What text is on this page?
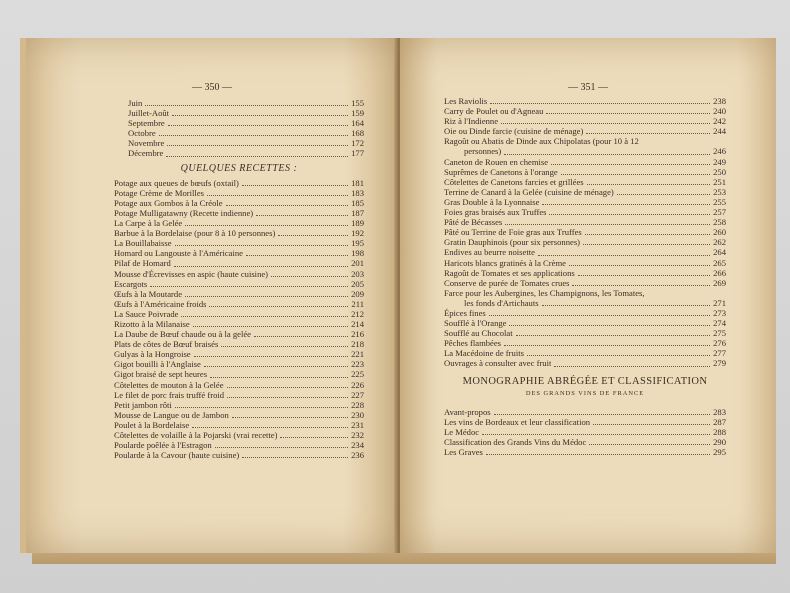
— 350 —
Juin	155
Juillet-Août	159
Septembre	164
Octobre	168
Novembre	172
Décembre	177
QUELQUES RECETTES :
Potage aux queues de bœufs (oxtail)	181
Potage Crème de Morilles	183
Potage aux Gombos à la Créole	185
Potage Mulligatawny (Recette indienne)	187
La Carpe à la Gelée	189
Barbue à la Bordelaise (pour 8 à 10 personnes)	192
La Bouillabaisse	195
Homard ou Langouste à l'Américaine	198
Pilaf de Homard	201
Mousse d'Écrevisses en aspic (haute cuisine)	203
Escargots	205
Œufs à la Moutarde	209
Œufs à l'Américaine froids	211
La Sauce Poivrade	212
Rizotto à la Milanaise	214
La Daube de Bœuf chaude ou à la gelée	216
Plats de côtes de Bœuf braisés	218
Gulyas à la Hongroise	221
Gigot bouilli à l'Anglaise	223
Gigot braisé de sept heures	225
Côtelettes de mouton à la Gelée	226
Le filet de porc frais truffé froid	227
Petit jambon rôti	228
Mousse de Langue ou de Jambon	230
Poulet à la Bordelaise	231
Côtelettes de volaille à la Pojarski (vrai recette)	232
Poularde poêlée à l'Estragon	234
Poularde à la Cavour (haute cuisine)	236
— 351 —
Les Raviolis	238
Carry de Poulet ou d'Agneau	240
Riz à l'Indienne	242
Oie ou Dinde farcie (cuisine de ménage)	244
Ragoût ou Abatis de Dinde aux Chipolatas (pour 10 à 12
personnes)	246
Caneton de Rouen en chemise	249
Suprêmes de Canetons à l'orange	250
Côtelettes de Canetons farcies et grillées	251
Terrine de Canard à la Gelée (cuisine de ménage)	253
Gras Double à la Lyonnaise	255
Foies gras braisés aux Truffes	257
Pâté de Bécasses	258
Pâté ou Terrine de Foie gras aux Truffes	260
Gratin Dauphinois (pour six personnes)	262
Endives au beurre noisette	264
Haricots blancs gratinés à la Crème	265
Ragoût de Tomates et ses applications	266
Conserve de purée de Tomates crues	269
Farce pour les Aubergines, les Champignons, les Tomates,
les fonds d'Artichauts	271
Épices fines	273
Soufflé à l'Orange	274
Soufflé au Chocolat	275
Pêches flambées	276
La Macédoine de fruits	277
Ouvrages à consulter avec fruit	279
MONOGRAPHIE ABRÉGÉE ET CLASSIFICATION
DES GRANDS VINS DE FRANCE
Avant-propos	283
Les vins de Bordeaux et leur classification	287
Le Médoc	288
Classification des Grands Vins du Médoc	290
Les Graves	295
